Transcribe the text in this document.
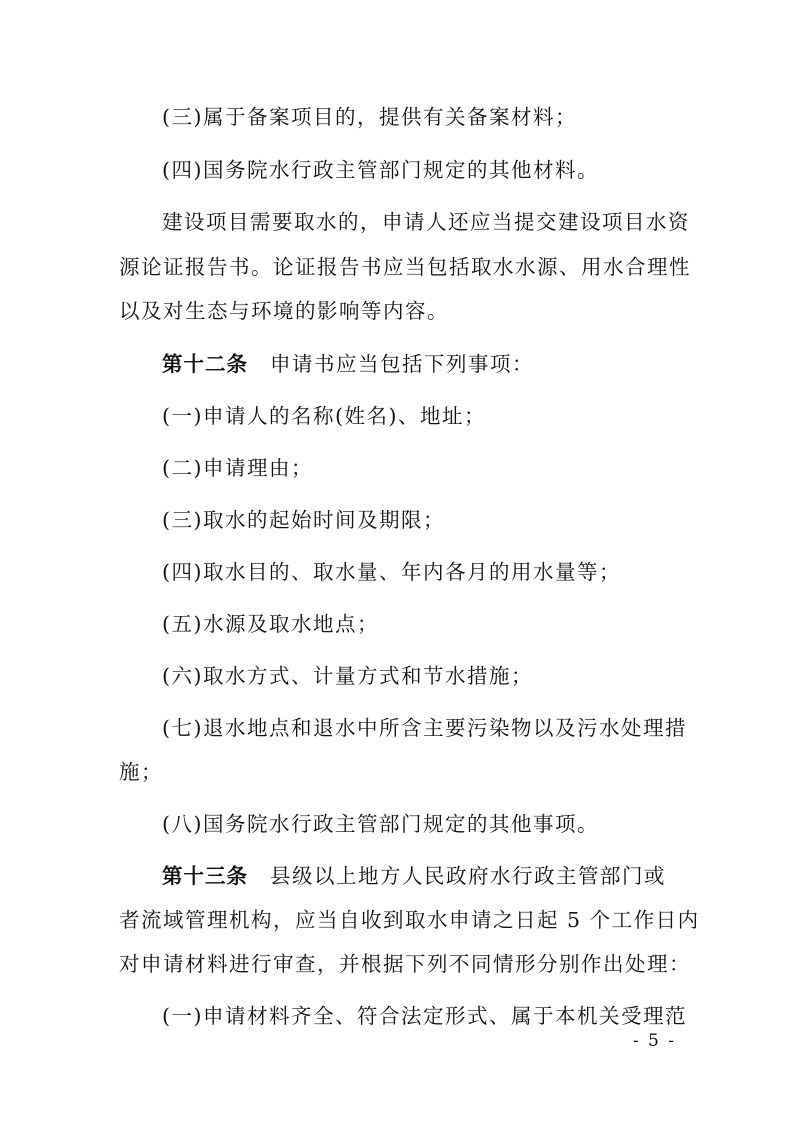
(三)属于备案项目的，提供有关备案材料；
(四)国务院水行政主管部门规定的其他材料。
建设项目需要取水的，申请人还应当提交建设项目水资
源论证报告书。论证报告书应当包括取水水源、用水合理性
以及对生态与环境的影响等内容。
第十二条 申请书应当包括下列事项：
(一)申请人的名称(姓名)、地址；
(二)申请理由；
(三)取水的起始时间及期限；
(四)取水目的、取水量、年内各月的用水量等；
(五)水源及取水地点；
(六)取水方式、计量方式和节水措施；
(七)退水地点和退水中所含主要污染物以及污水处理措
施；
(八)国务院水行政主管部门规定的其他事项。
第十三条 县级以上地方人民政府水行政主管部门或
者流域管理机构，应当自收到取水申请之日起 5 个工作日内
对申请材料进行审查，并根据下列不同情形分别作出处理：
(一)申请材料齐全、符合法定形式、属于本机关受理范
- 5 -
